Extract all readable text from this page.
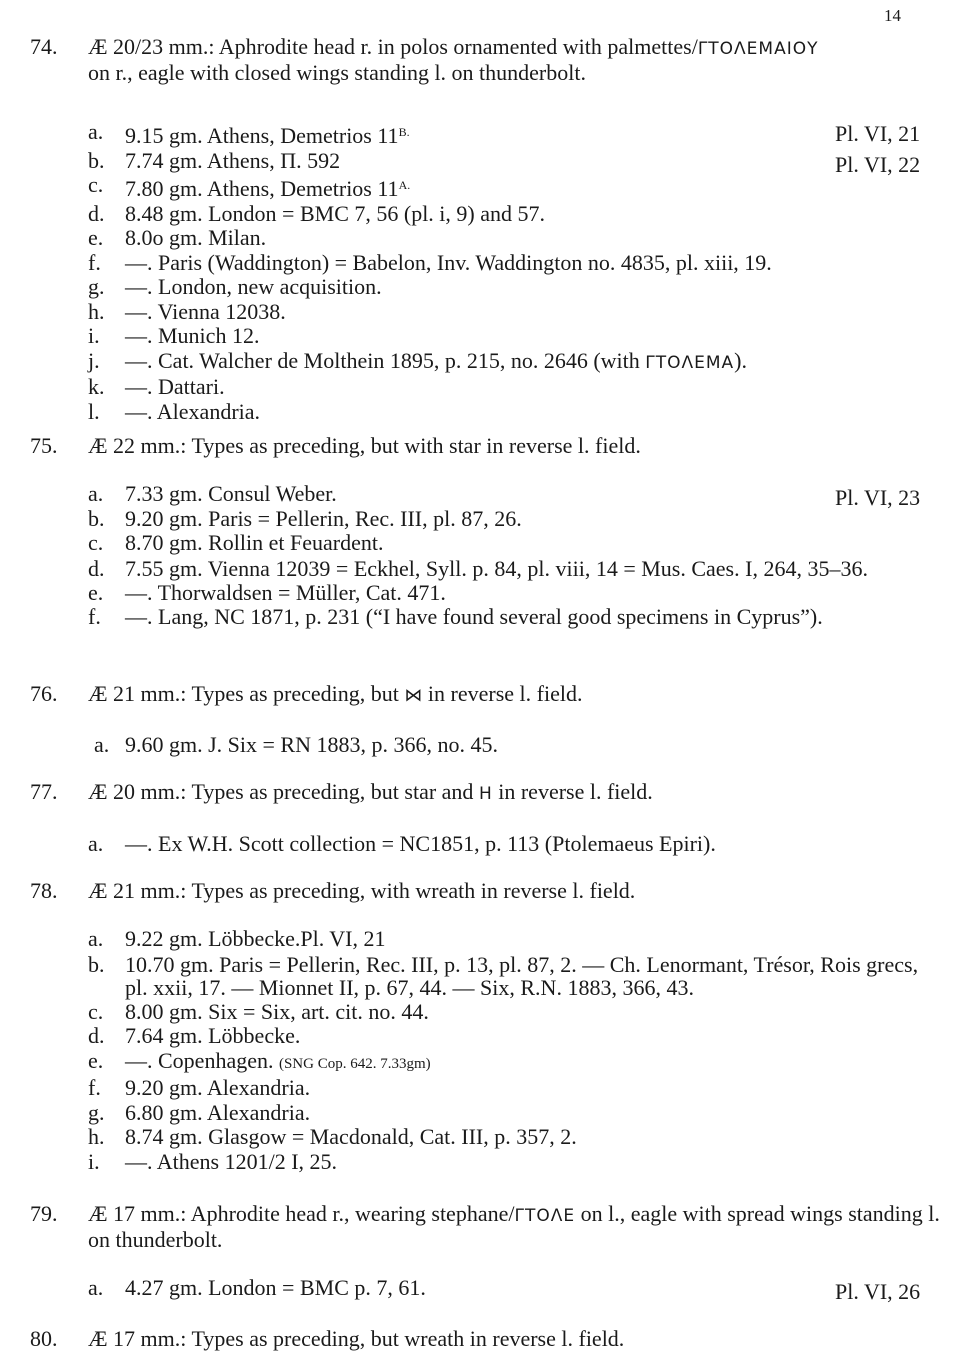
14
74. Æ 20/23 mm.: Aphrodite head r. in polos ornamented with palmettes/ΓΤΟΛΕΜΑΙΟΥ
on r., eagle with closed wings standing l. on thunderbolt.
a. 9.15 gm. Athens, Demetrios $11^{B.}$	Pl. VI, 21
b. 7.74 gm. Athens, Π. 592	Pl. VI, 22
c. 7.80 gm. Athens, Demetrios $11^{A.}$
d. 8.48 gm. London = BMC 7, 56 (pl. i, 9) and 57.
e. 8.0o gm. Milan.
f.	—. Paris (Waddington) = Babelon, Inv. Waddington no. 4835, pl. xiii, 19.
g. —. London, new acquisition.
h. —. Vienna 12038.
i.	—. Munich 12.
j.	—. Cat. Walcher de Molthein 1895, p. 215, no. 2646 (with ΓΤΟΛΕΜΑ).
k. —. Dattari.
l.	—. Alexandria.
75. Æ 22 mm.: Types as preceding, but with star in reverse l. field.
a. 7.33 gm. Consul Weber.	Pl. VI, 23
b. 9.20 gm. Paris = Pellerin, Rec. III, pl. 87, 26.
c. 8.70 gm. Rollin et Feuardent.
d. 7.55 gm. Vienna 12039 = Eckhel, Syll. p. 84, pl. viii, 14 = Mus. Caes. I, 264, 35–36.
e. —. Thorwaldsen = Müller, Cat. 471.
f.	—. Lang, NC 1871, p. 231 (“I have found several good specimens in Cyprus”).
76. Æ 21 mm.: Types as preceding, but ⋈ in reverse l. field.
a. 9.60 gm. J. Six = RN 1883, p. 366, no. 45.
77. Æ 20 mm.: Types as preceding, but star and H in reverse l. field.
a. —. Ex W.H. Scott collection = NC1851, p. 113 (Ptolemaeus Epiri).
78. Æ 21 mm.: Types as preceding, with wreath in reverse l. field.
a. 9.22 gm. Löbbecke.Pl. VI, 21
b. 10.70 gm. Paris = Pellerin, Rec. III, p. 13, pl. 87, 2. — Ch. Lenormant, Trésor, Rois grecs, pl. xxii, 17. — Mionnet II, p. 67, 44. — Six, R.N. 1883, 366, 43.
c. 8.00 gm. Six = Six, art. cit. no. 44.
d. 7.64 gm. Löbbecke.
e. —. Copenhagen. (SNG Cop. 642. 7.33gm)
f.	9.20 gm. Alexandria.
g. 6.80 gm. Alexandria.
h. 8.74 gm. Glasgow = Macdonald, Cat. III, p. 357, 2.
i.	—. Athens 1201/2 I, 25.
79. Æ 17 mm.: Aphrodite head r., wearing stephane/ΓΤΟΛΕ on l., eagle with spread wings standing l. on thunderbolt.
a. 4.27 gm. London = BMC p. 7, 61.	Pl. VI, 26
80. Æ 17 mm.: Types as preceding, but wreath in reverse l. field.
